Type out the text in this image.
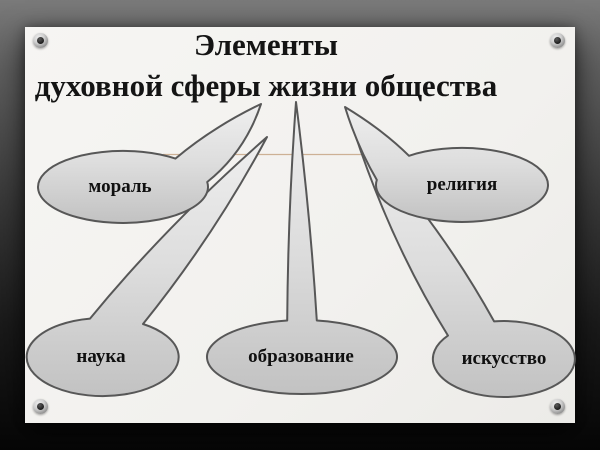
Элементы
духовной сферы жизни общества
мораль	религия
наука	образование	искусство
